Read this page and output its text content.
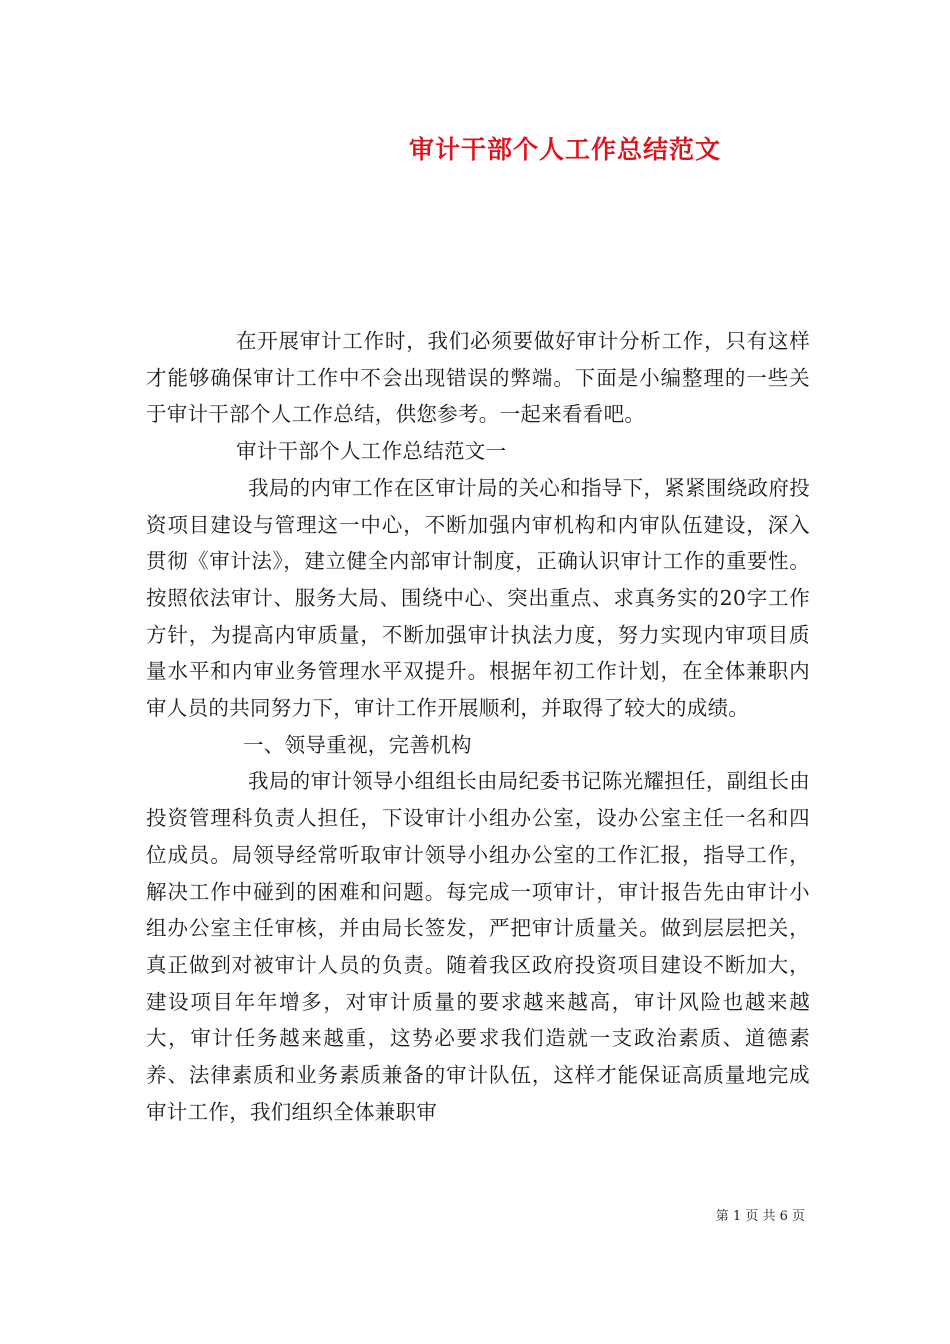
审计干部个人工作总结范文

在开展审计工作时，我们必须要做好审计分析工作，只有这样才能够确保审计工作中不会出现错误的弊端。下面是小编整理的一些关于审计干部个人工作总结，供您参考。一起来看看吧。

审计干部个人工作总结范文一

我局的内审工作在区审计局的关心和指导下，紧紧围绕政府投资项目建设与管理这一中心，不断加强内审机构和内审队伍建设，深入贯彻《审计法》，建立健全内部审计制度，正确认识审计工作的重要性。按照依法审计、服务大局、围绕中心、突出重点、求真务实的20字工作方针，为提高内审质量，不断加强审计执法力度，努力实现内审项目质量水平和内审业务管理水平双提升。根据年初工作计划，在全体兼职内审人员的共同努力下，审计工作开展顺利，并取得了较大的成绩。

一、领导重视，完善机构

我局的审计领导小组组长由局纪委书记陈光耀担任，副组长由投资管理科负责人担任，下设审计小组办公室，设办公室主任一名和四位成员。局领导经常听取审计领导小组办公室的工作汇报，指导工作，解决工作中碰到的困难和问题。每完成一项审计，审计报告先由审计小组办公室主任审核，并由局长签发，严把审计质量关。做到层层把关，真正做到对被审计人员的负责。随着我区政府投资项目建设不断加大，建设项目年年增多，对审计质量的要求越来越高，审计风险也越来越大，审计任务越来越重，这势必要求我们造就一支政治素质、道德素养、法律素质和业务素质兼备的审计队伍，这样才能保证高质量地完成审计工作，我们组织全体兼职审

第 1 页 共 6 页
